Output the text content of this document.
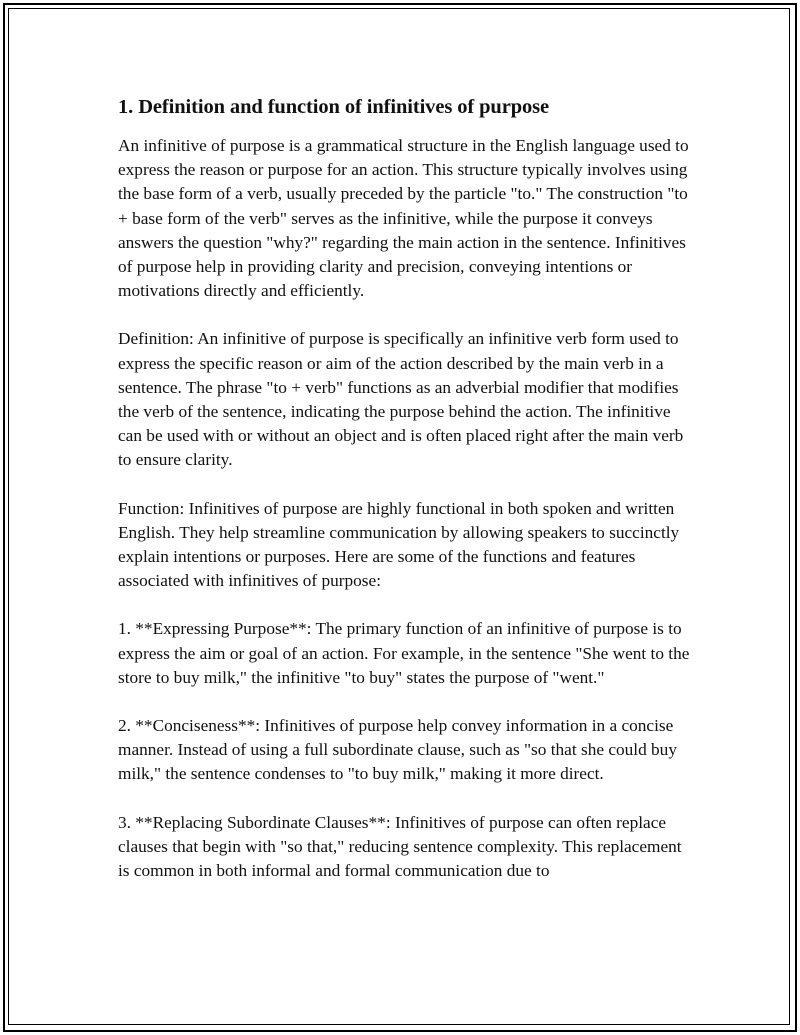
1. Definition and function of infinitives of purpose

An infinitive of purpose is a grammatical structure in the English language used to express the reason or purpose for an action. This structure typically involves using the base form of a verb, usually preceded by the particle "to." The construction "to + base form of the verb" serves as the infinitive, while the purpose it conveys answers the question "why?" regarding the main action in the sentence. Infinitives of purpose help in providing clarity and precision, conveying intentions or motivations directly and efficiently.

Definition: An infinitive of purpose is specifically an infinitive verb form used to express the specific reason or aim of the action described by the main verb in a sentence. The phrase "to + verb" functions as an adverbial modifier that modifies the verb of the sentence, indicating the purpose behind the action. The infinitive can be used with or without an object and is often placed right after the main verb to ensure clarity.

Function: Infinitives of purpose are highly functional in both spoken and written English. They help streamline communication by allowing speakers to succinctly explain intentions or purposes. Here are some of the functions and features associated with infinitives of purpose:

1. **Expressing Purpose**: The primary function of an infinitive of purpose is to express the aim or goal of an action. For example, in the sentence "She went to the store to buy milk," the infinitive "to buy" states the purpose of "went."

2. **Conciseness**: Infinitives of purpose help convey information in a concise manner. Instead of using a full subordinate clause, such as "so that she could buy milk," the sentence condenses to "to buy milk," making it more direct.

3. **Replacing Subordinate Clauses**: Infinitives of purpose can often replace clauses that begin with "so that," reducing sentence complexity. This replacement is common in both informal and formal communication due to
